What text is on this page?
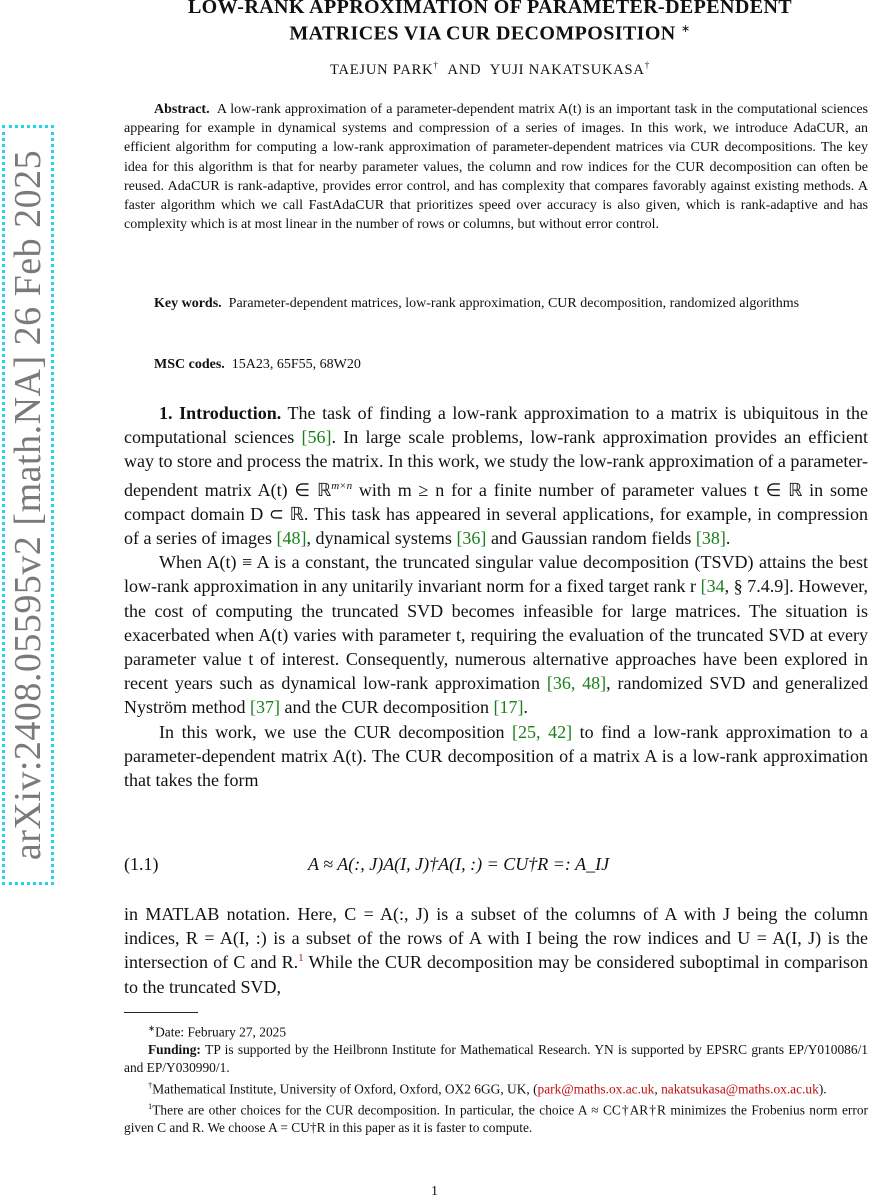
arXiv:2408.05595v2 [math.NA] 26 Feb 2025
LOW-RANK APPROXIMATION OF PARAMETER-DEPENDENT
MATRICES VIA CUR DECOMPOSITION ∗
TAEJUN PARK† AND YUJI NAKATSUKASA†
Abstract. A low-rank approximation of a parameter-dependent matrix A(t) is an important task in the computational sciences appearing for example in dynamical systems and compression of a series of images. In this work, we introduce AdaCUR, an efficient algorithm for computing a low-rank approximation of parameter-dependent matrices via CUR decompositions. The key idea for this algorithm is that for nearby parameter values, the column and row indices for the CUR decomposition can often be reused. AdaCUR is rank-adaptive, provides error control, and has complexity that compares favorably against existing methods. A faster algorithm which we call FastAdaCUR that prioritizes speed over accuracy is also given, which is rank-adaptive and has complexity which is at most linear in the number of rows or columns, but without error control.
Key words. Parameter-dependent matrices, low-rank approximation, CUR decomposition, randomized algorithms
MSC codes. 15A23, 65F55, 68W20

1. Introduction. The task of finding a low-rank approximation to a matrix is ubiquitous in the computational sciences [56]. In large scale problems, low-rank approximation provides an efficient way to store and process the matrix. In this work, we study the low-rank approximation of a parameter-dependent matrix A(t) ∈ ℝ$^{m\times n}$ with m ≥ n for a finite number of parameter values t ∈ ℝ in some compact domain D ⊂ ℝ. This task has appeared in several applications, for example, in compression of a series of images [48], dynamical systems [36] and Gaussian random fields [38].

When A(t) ≡ A is a constant, the truncated singular value decomposition (TSVD) attains the best low-rank approximation in any unitarily invariant norm for a fixed target rank r [34, § 7.4.9]. However, the cost of computing the truncated SVD becomes infeasible for large matrices. The situation is exacerbated when A(t) varies with parameter t, requiring the evaluation of the truncated SVD at every parameter value t of interest. Consequently, numerous alternative approaches have been explored in recent years such as dynamical low-rank approximation [36, 48], randomized SVD and generalized Nyström method [37] and the CUR decomposition [17].

In this work, we use the CUR decomposition [25, 42] to find a low-rank approximation to a parameter-dependent matrix A(t). The CUR decomposition of a matrix A is a low-rank approximation that takes the form

(1.1)	A ≈ A(:, J)A(I, J)†A(I, :) = CU†R =: A_IJ

in MATLAB notation. Here, C = A(:, J) is a subset of the columns of A with J being the column indices, R = A(I, :) is a subset of the rows of A with I being the row indices and U = A(I, J) is the intersection of C and R.$^1$ While the CUR decomposition may be considered suboptimal in comparison to the truncated SVD,

∗Date: February 27, 2025

Funding: TP is supported by the Heilbronn Institute for Mathematical Research. YN is supported by EPSRC grants EP/Y010086/1 and EP/Y030990/1.

†Mathematical Institute, University of Oxford, Oxford, OX2 6GG, UK, (park@maths.ox.ac.uk, nakatsukasa@maths.ox.ac.uk).

$^1$There are other choices for the CUR decomposition. In particular, the choice A ≈ CC†AR†R minimizes the Frobenius norm error given C and R. We choose A = CU†R in this paper as it is faster to compute.

1
